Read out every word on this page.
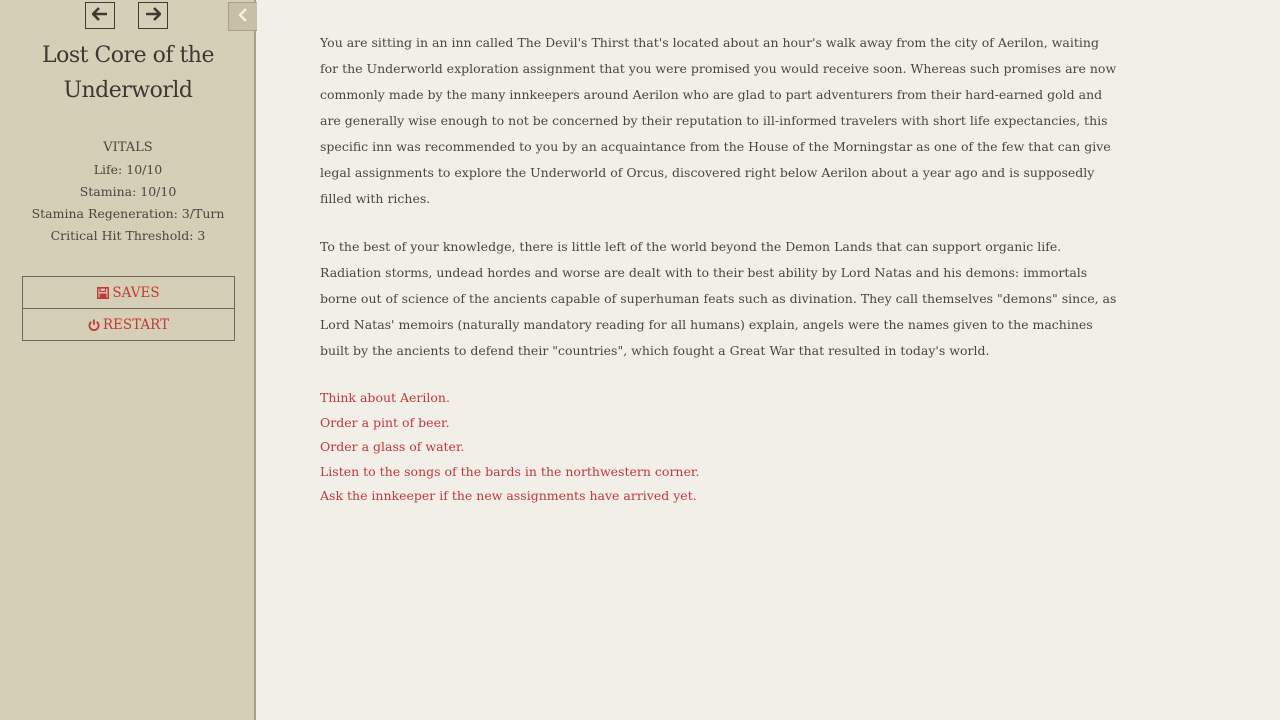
Lost Core of the
Underworld
VITALS
Life: 10/10
Stamina: 10/10
Stamina Regeneration: 3/Turn
Critical Hit Threshold: 3
SAVES
RESTART

You are sitting in an inn called The Devil's Thirst that's located about an hour's walk away from the city of Aerilon, waiting for the Underworld exploration assignment that you were promised you would receive soon. Whereas such promises are now commonly made by the many innkeepers around Aerilon who are glad to part adventurers from their hard-earned gold and are generally wise enough to not be concerned by their reputation to ill-informed travelers with short life expectancies, this specific inn was recommended to you by an acquaintance from the House of the Morningstar as one of the few that can give legal assignments to explore the Underworld of Orcus, discovered right below Aerilon about a year ago and is supposedly filled with riches.

To the best of your knowledge, there is little left of the world beyond the Demon Lands that can support organic life. Radiation storms, undead hordes and worse are dealt with to their best ability by Lord Natas and his demons: immortals borne out of science of the ancients capable of superhuman feats such as divination. They call themselves "demons" since, as Lord Natas' memoirs (naturally mandatory reading for all humans) explain, angels were the names given to the machines built by the ancients to defend their "countries", which fought a Great War that resulted in today's world.

Think about Aerilon.
Order a pint of beer.
Order a glass of water.
Listen to the songs of the bards in the northwestern corner.
Ask the innkeeper if the new assignments have arrived yet.
